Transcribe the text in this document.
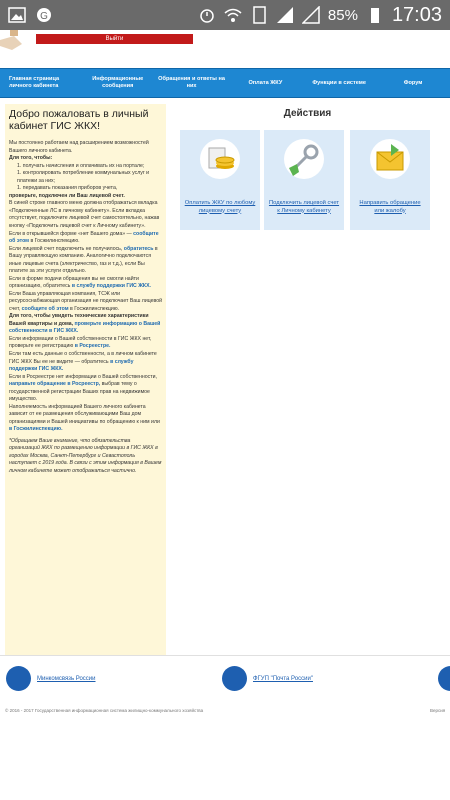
G	85% 17:03
Выйти
Главная страница личного кабинета
Информационные сообщения
Обращения и ответы на них
Оплата ЖКУ	Функции в системе	Форум
Добро пожаловать в личный кабинет ГИС ЖКХ!

Мы постоянно работаем над расширением возможностей Вашего личного кабинета.

Для того, чтобы:

1. получать начисления и оплачивать их на портале;
1. контролировать потребление коммунальных услуг и платежи за них;
1. передавать показания приборов учета,

проверьте, подключен ли Ваш лицевой счет.

В синей строке главного меню должна отображаться вкладка «Подключенные ЛС в личному кабинету». Если вкладка отсутствует, подключите лицевой счет самостоятельно, нажав кнопку «Подключить лицевой счет к Личному кабинету».

Если в открывшейся форме «нет Вашего дома» — сообщите об этом в Госжилинспекцию.

Если лицевой счет подключить не получилось, обратитесь в Вашу управляющую компанию. Аналогично подключаются иные лицевые счета (электричество, газ и т.д.), если Вы платите за эти услуги отдельно.

Если в форме подачи обращения вы не смогли найти организацию, обратитесь в службу поддержки ГИС ЖКХ.

Если Ваша управляющая компания, ТСЖ или ресурсоснабжающая организация не подключает Ваш лицевой счет, сообщите об этом в Госжилинспекцию.

Для того, чтобы увидеть технические характеристики Вашей квартиры и дома, проверьте информацию о Вашей собственности в ГИС ЖКХ.

Если информации о Вашей собственности в ГИС ЖКХ нет, проверьте ее регистрацию в Росреестре.

Если там есть данные о собственности, а в личном кабинете ГИС ЖКХ Вы ее не видите — обратитесь в службу поддержки ГИС ЖКХ.

Если в Росреестре нет информации о Вашей собственности, направьте обращение в Росреестр, выбрав тему о государственной регистрации Ваших прав на недвижимое имущество.

Наполняемость информацией Вашего личного кабинета зависит от ее размещения обслуживающими Ваш дом организациями и Вашей инициативы по обращению к ним или в Госжилинспекцию.

*Обращаем Ваше внимание, что обязательства организаций ЖКХ по размещению информации в ГИС ЖКХ в городах Москва, Санкт-Петербург и Севастополь наступает с 2019 года. В связи с этим информация в Вашем личном кабинете может отображаться частично.

Действия
Оплатить ЖКУ по любому лицевому счету
Подключить лицевой счет к Личному кабинету
Направить обращение или жалобу
Минкомсвязь России	ФГУП "Почта России"
© 2016 - 2017 Государственная информационная система жилищно-коммунального хозяйства	Версия
